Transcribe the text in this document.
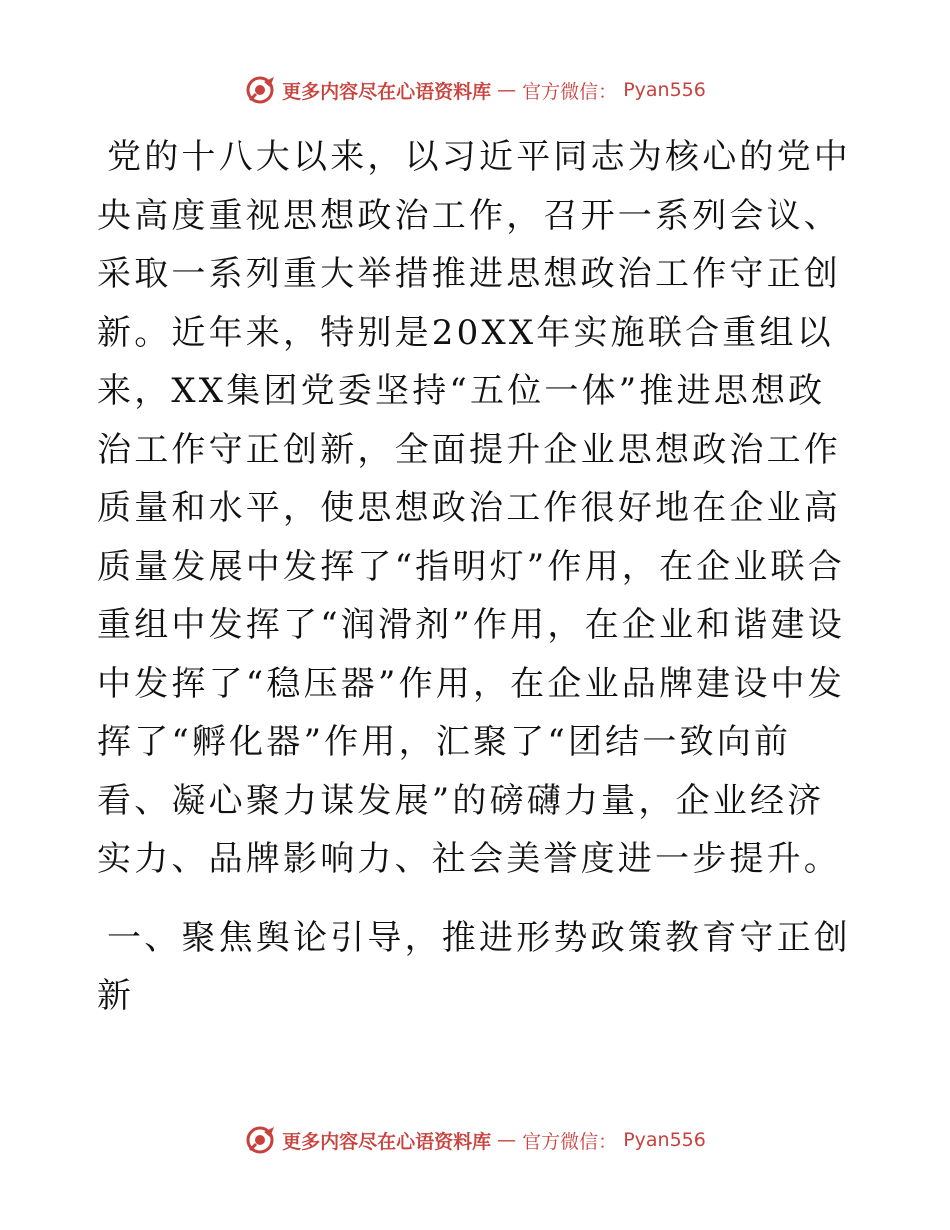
更多内容尽在心语资料库 — 官方微信： Pyan556

党的十八大以来，以习近平同志为核心的党中央高度重视思想政治工作，召开一系列会议、采取一系列重大举措推进思想政治工作守正创新。近年来，特别是20XX年实施联合重组以来，XX集团党委坚持“五位一体”推进思想政治工作守正创新，全面提升企业思想政治工作质量和水平，使思想政治工作很好地在企业高质量发展中发挥了“指明灯”作用，在企业联合重组中发挥了“润滑剂”作用，在企业和谐建设中发挥了“稳压器”作用，在企业品牌建设中发挥了“孵化器”作用，汇聚了“团结一致向前看、凝心聚力谋发展”的磅礴力量，企业经济实力、品牌影响力、社会美誉度进一步提升。

一、聚焦舆论引导，推进形势政策教育守正创新
更多内容尽在心语资料库 — 官方微信： Pyan556
